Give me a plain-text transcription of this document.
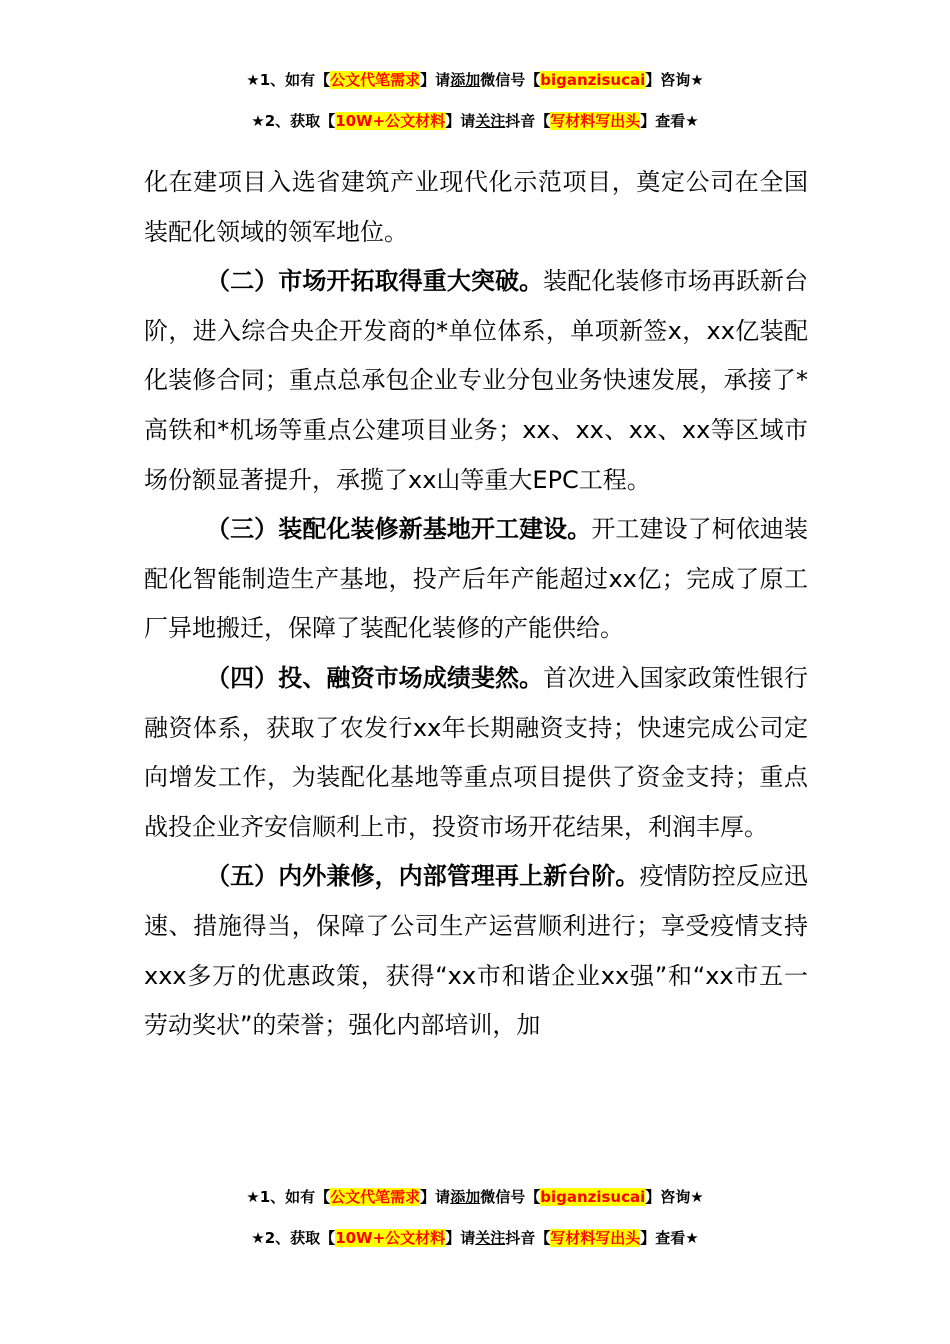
★1、如有【公文代笔需求】请添加微信号【biganzisucai】咨询★
★2、获取【10W+公文材料】请关注抖音【写材料写出头】查看★

化在建项目入选省建筑产业现代化示范项目，奠定公司在全国装配化领域的领军地位。

（二）市场开拓取得重大突破。装配化装修市场再跃新台阶，进入综合央企开发商的*单位体系，单项新签x，xx亿装配化装修合同；重点总承包企业专业分包业务快速发展，承接了*高铁和*机场等重点公建项目业务；xx、xx、xx、xx等区域市场份额显著提升，承揽了xx山等重大EPC工程。

（三）装配化装修新基地开工建设。开工建设了柯依迪装配化智能制造生产基地，投产后年产能超过xx亿；完成了原工厂异地搬迁，保障了装配化装修的产能供给。

（四）投、融资市场成绩斐然。首次进入国家政策性银行融资体系，获取了农发行xx年长期融资支持；快速完成公司定向增发工作，为装配化基地等重点项目提供了资金支持；重点战投企业齐安信顺利上市，投资市场开花结果，利润丰厚。

（五）内外兼修，内部管理再上新台阶。疫情防控反应迅速、措施得当，保障了公司生产运营顺利进行；享受疫情支持xxx多万的优惠政策，获得“xx市和谐企业xx强”和“xx市五一劳动奖状”的荣誉；强化内部培训，加

★1、如有【公文代笔需求】请添加微信号【biganzisucai】咨询★
★2、获取【10W+公文材料】请关注抖音【写材料写出头】查看★
